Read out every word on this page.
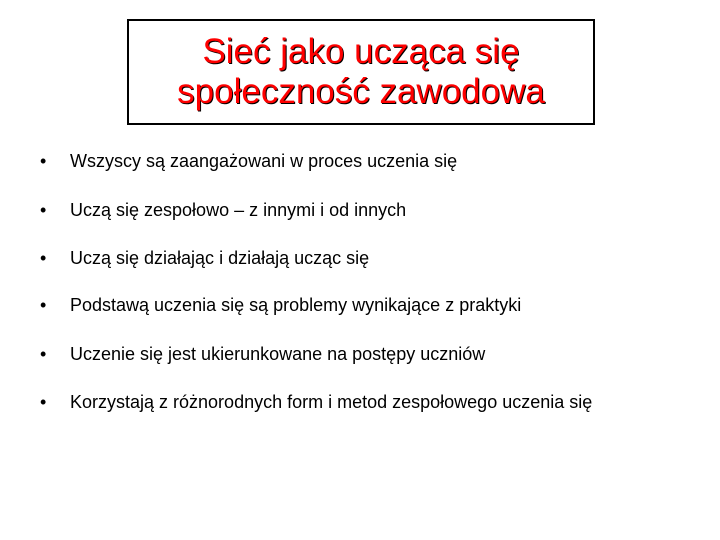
Sieć jako ucząca się
społeczność zawodowa
•	Wszyscy są zaangażowani w proces uczenia się
•	Uczą się zespołowo – z innymi i od innych
•	Uczą się działając i działają ucząc się
•	Podstawą uczenia się są problemy wynikające z praktyki
•	Uczenie się jest ukierunkowane na postępy uczniów
•	Korzystają z różnorodnych form i metod zespołowego uczenia się
